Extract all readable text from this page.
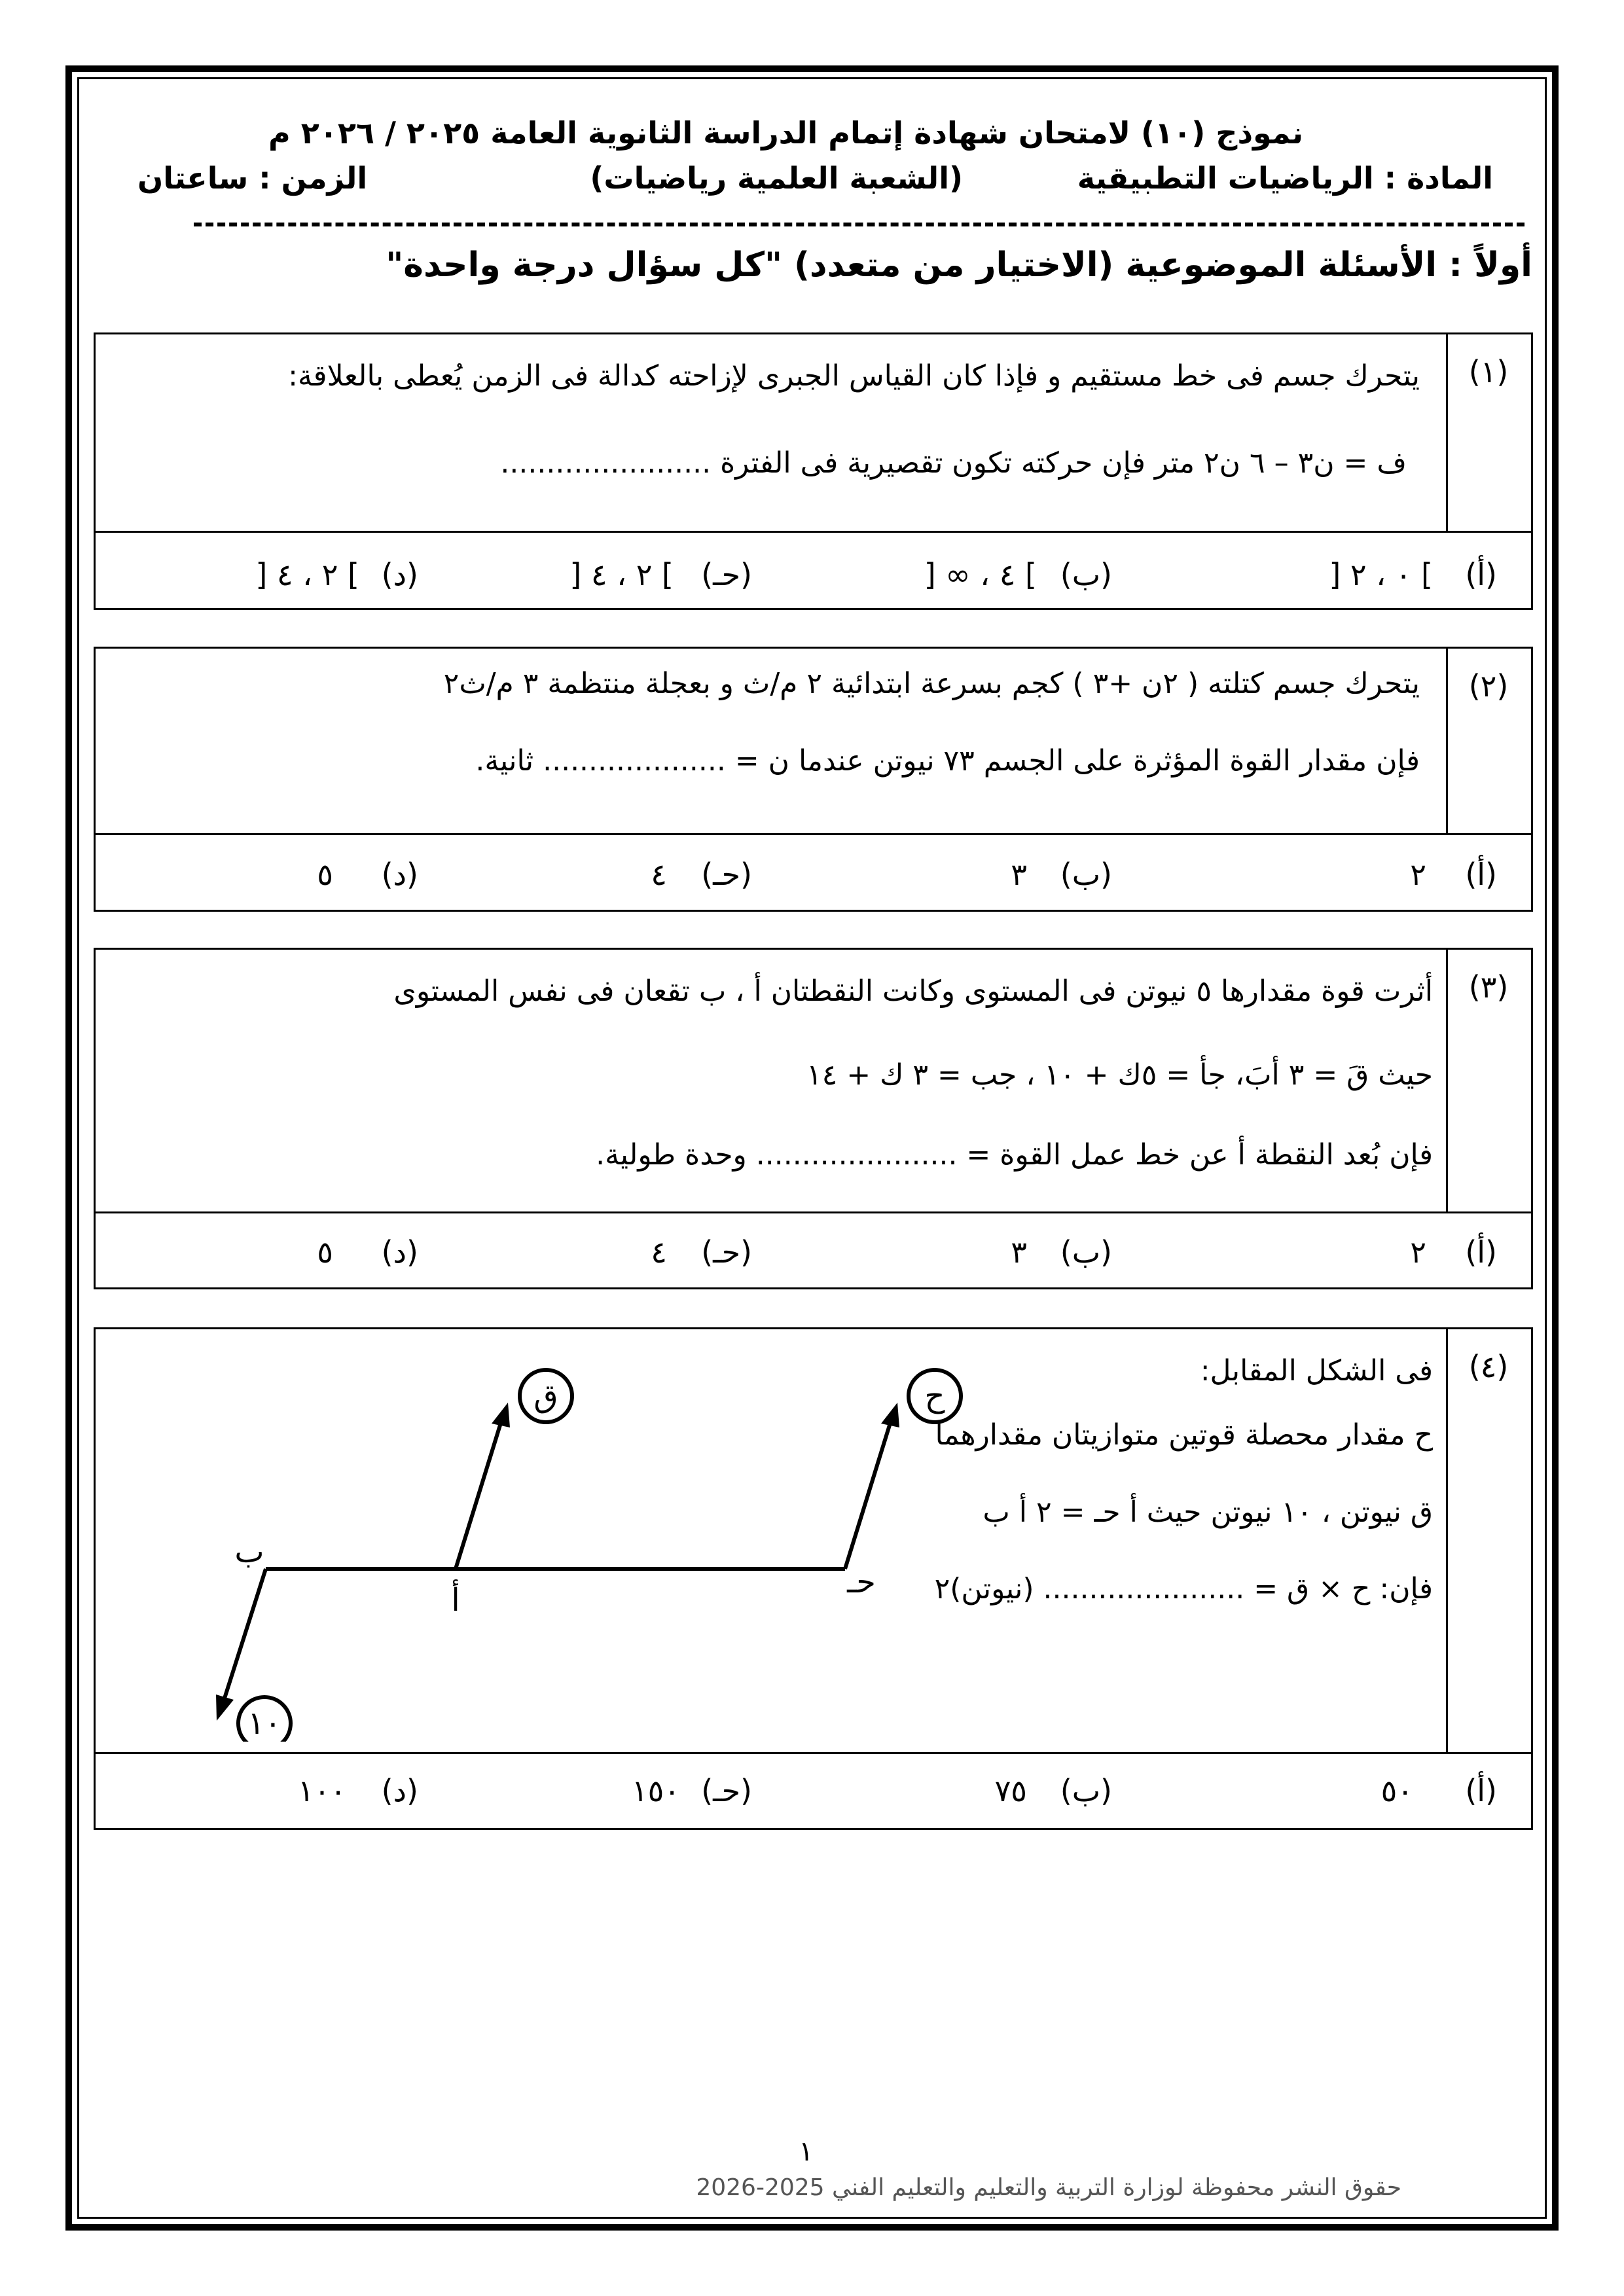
نموذج (١٠) لامتحان شهادة إتمام الدراسة الثانوية العامة ٢٠٢٥ / ٢٠٢٦ م
المادة : الرياضيات التطبيقية
(الشعبة العلمية رياضيات)
الزمن : ساعتان
أولاً : الأسئلة الموضوعية (الاختيار من متعدد) "كل سؤال درجة واحدة"
(١)
يتحرك جسم فى خط مستقيم و فإذا كان القياس الجبرى لإزاحته كدالة فى الزمن يُعطى بالعلاقة:
ف = ن٣ – ٦ ن٢ متر فإن حركته تكون تقصيرية فى الفترة .......................
(أ)
] ٠ ، ٢ [
(ب)
] ٤ ، ∞ [
(حـ)
] ٢ ، ٤ [
(د)
] ٢ ، ٤ [
(٢)
يتحرك جسم كتلته ( ٢ن +٣ ) كجم بسرعة ابتدائية ٢ م/ث و بعجلة منتظمة ٣ م/ث٢
فإن مقدار القوة المؤثرة على الجسم ٧٣ نيوتن عندما ن = .................... ثانية.
(أ)
٢
(ب)
٣
(حـ)
٤
(د)
٥
(٣)
أثرت قوة مقدارها ٥ نيوتن فى المستوى وكانت النقطتان أ ، ب تقعان فى نفس المستوى
حيث قَ = ٣ أبَ، جأ = ٥ك + ١٠ ، جب = ٣ ك + ١٤
فإن بُعد النقطة أ عن خط عمل القوة = ...................... وحدة طولية.
(أ)
٢
(ب)
٣
(حـ)
٤
(د)
٥
(٤)
فى الشكل المقابل:
ح مقدار محصلة قوتين متوازيتان مقدارهما
ق نيوتن ، ١٠ نيوتن حيث أ حـ = ٢ أ ب
فإن: ح × ق = ...................... (نيوتن)٢
ق	ح
١٠
أ
ب
حـ
(أ)
٥٠
(ب)
٧٥
(حـ)
١٥٠
(د)
١٠٠
١
حقوق النشر محفوظة لوزارة التربية والتعليم والتعليم الفني 2025-2026
